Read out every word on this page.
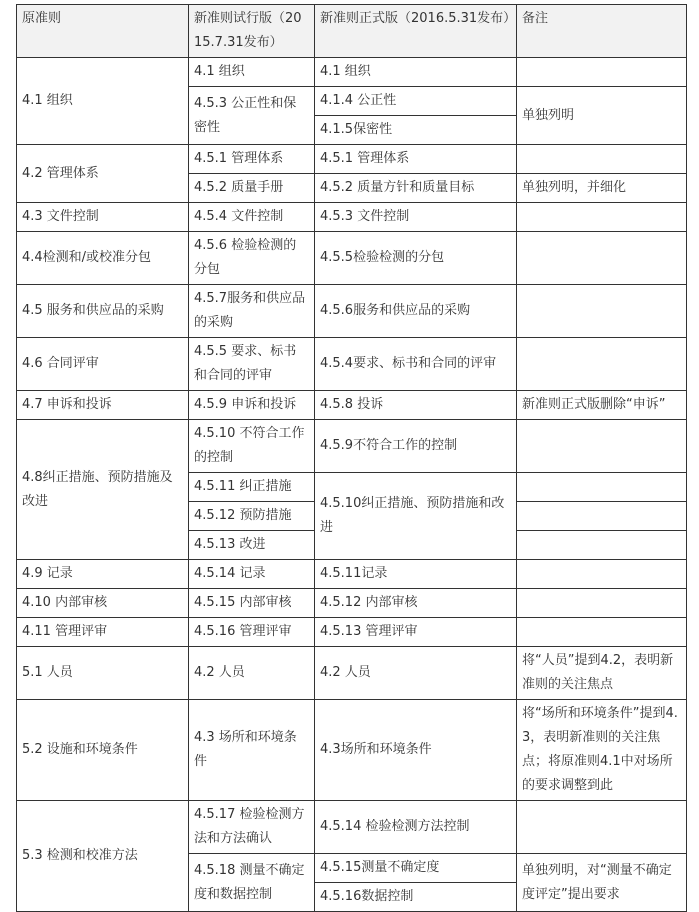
原准则	新准则试行版（2015.7.31发布）	新准则正式版（2016.5.31发布）	备注
4.1 组织	4.1 组织	4.1 组织	
	4.5.3 公正性和保密性	4.1.4 公正性	单独列明
		4.1.5保密性	
4.2 管理体系	4.5.1 管理体系	4.5.1 管理体系	
	4.5.2 质量手册	4.5.2 质量方针和质量目标	单独列明，并细化
4.3 文件控制	4.5.4 文件控制	4.5.3 文件控制	
4.4检测和/或校准分包	4.5.6 检验检测的分包	4.5.5检验检测的分包	
4.5 服务和供应品的采购	4.5.7服务和供应品的采购	4.5.6服务和供应品的采购	
4.6 合同评审	4.5.5 要求、标书和合同的评审	4.5.4要求、标书和合同的评审	
4.7 申诉和投诉	4.5.9 申诉和投诉	4.5.8 投诉	新准则正式版删除“申诉”
4.8纠正措施、预防措施及改进	4.5.10 不符合工作的控制	4.5.9不符合工作的控制	
	4.5.11 纠正措施	4.5.10纠正措施、预防措施和改进	
	4.5.12 预防措施		
	4.5.13 改进		
4.9 记录	4.5.14 记录	4.5.11记录	
4.10 内部审核	4.5.15 内部审核	4.5.12 内部审核	
4.11 管理评审	4.5.16 管理评审	4.5.13 管理评审	
5.1 人员	4.2 人员	4.2 人员	将“人员”提到4.2，表明新准则的关注焦点
5.2 设施和环境条件	4.3 场所和环境条件	4.3场所和环境条件	将“场所和环境条件”提到4.3，表明新准则的关注焦点；将原准则4.1中对场所的要求调整到此
5.3 检测和校准方法	4.5.17 检验检测方法和方法确认	4.5.14 检验检测方法控制	
	4.5.18 测量不确定度和数据控制	4.5.15测量不确定度	单独列明，对“测量不确定度评定”提出要求
		4.5.16数据控制	
